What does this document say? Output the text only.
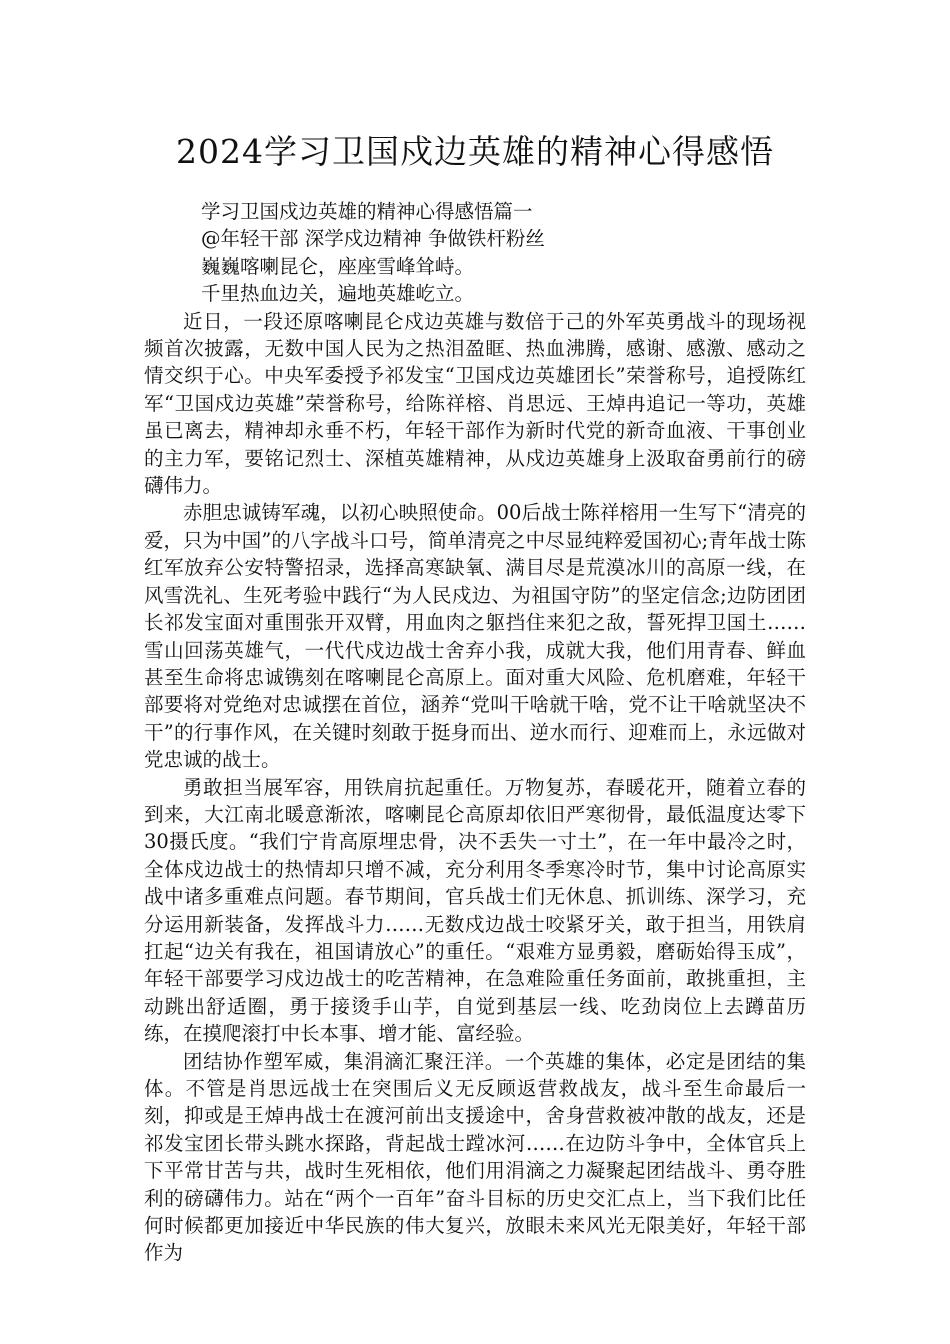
2024学习卫国戍边英雄的精神心得感悟

学习卫国戍边英雄的精神心得感悟篇一

@年轻干部 深学戍边精神 争做铁杆粉丝

巍巍喀喇昆仑，座座雪峰耸峙。

千里热血边关，遍地英雄屹立。

近日，一段还原喀喇昆仑戍边英雄与数倍于己的外军英勇战斗的现场视频首次披露，无数中国人民为之热泪盈眶、热血沸腾，感谢、感激、感动之情交织于心。中央军委授予祁发宝“卫国戍边英雄团长”荣誉称号，追授陈红军“卫国戍边英雄”荣誉称号，给陈祥榕、肖思远、王焯冉追记一等功，英雄虽已离去，精神却永垂不朽，年轻干部作为新时代党的新奇血液、干事创业的主力军，要铭记烈士、深植英雄精神，从戍边英雄身上汲取奋勇前行的磅礴伟力。

赤胆忠诚铸军魂，以初心映照使命。00后战士陈祥榕用一生写下“清亮的爱，只为中国”的八字战斗口号，简单清亮之中尽显纯粹爱国初心;青年战士陈红军放弃公安特警招录，选择高寒缺氧、满目尽是荒漠冰川的高原一线，在风雪洗礼、生死考验中践行“为人民戍边、为祖国守防”的坚定信念;边防团团长祁发宝面对重围张开双臂，用血肉之躯挡住来犯之敌，誓死捍卫国土……雪山回荡英雄气，一代代戍边战士舍弃小我，成就大我，他们用青春、鲜血甚至生命将忠诚镌刻在喀喇昆仑高原上。面对重大风险、危机磨难，年轻干部要将对党绝对忠诚摆在首位，涵养“党叫干啥就干啥，党不让干啥就坚决不干”的行事作风，在关键时刻敢于挺身而出、逆水而行、迎难而上，永远做对党忠诚的战士。

勇敢担当展军容，用铁肩抗起重任。万物复苏，春暖花开，随着立春的到来，大江南北暖意渐浓，喀喇昆仑高原却依旧严寒彻骨，最低温度达零下30摄氏度。“我们宁肯高原埋忠骨，决不丢失一寸土”，在一年中最冷之时，全体戍边战士的热情却只增不减，充分利用冬季寒冷时节，集中讨论高原实战中诸多重难点问题。春节期间，官兵战士们无休息、抓训练、深学习，充分运用新装备，发挥战斗力……无数戍边战士咬紧牙关，敢于担当，用铁肩扛起“边关有我在，祖国请放心”的重任。“艰难方显勇毅，磨砺始得玉成”，年轻干部要学习戍边战士的吃苦精神，在急难险重任务面前，敢挑重担，主动跳出舒适圈，勇于接烫手山芋，自觉到基层一线、吃劲岗位上去蹲苗历练，在摸爬滚打中长本事、增才能、富经验。

团结协作塑军威，集涓滴汇聚汪洋。一个英雄的集体，必定是团结的集体。不管是肖思远战士在突围后义无反顾返营救战友，战斗至生命最后一刻，抑或是王焯冉战士在渡河前出支援途中，舍身营救被冲散的战友，还是祁发宝团长带头跳水探路，背起战士蹚冰河……在边防斗争中，全体官兵上下平常甘苦与共，战时生死相依，他们用涓滴之力凝聚起团结战斗、勇夺胜利的磅礴伟力。站在“两个一百年”奋斗目标的历史交汇点上，当下我们比任何时候都更加接近中华民族的伟大复兴，放眼未来风光无限美好，年轻干部作为
